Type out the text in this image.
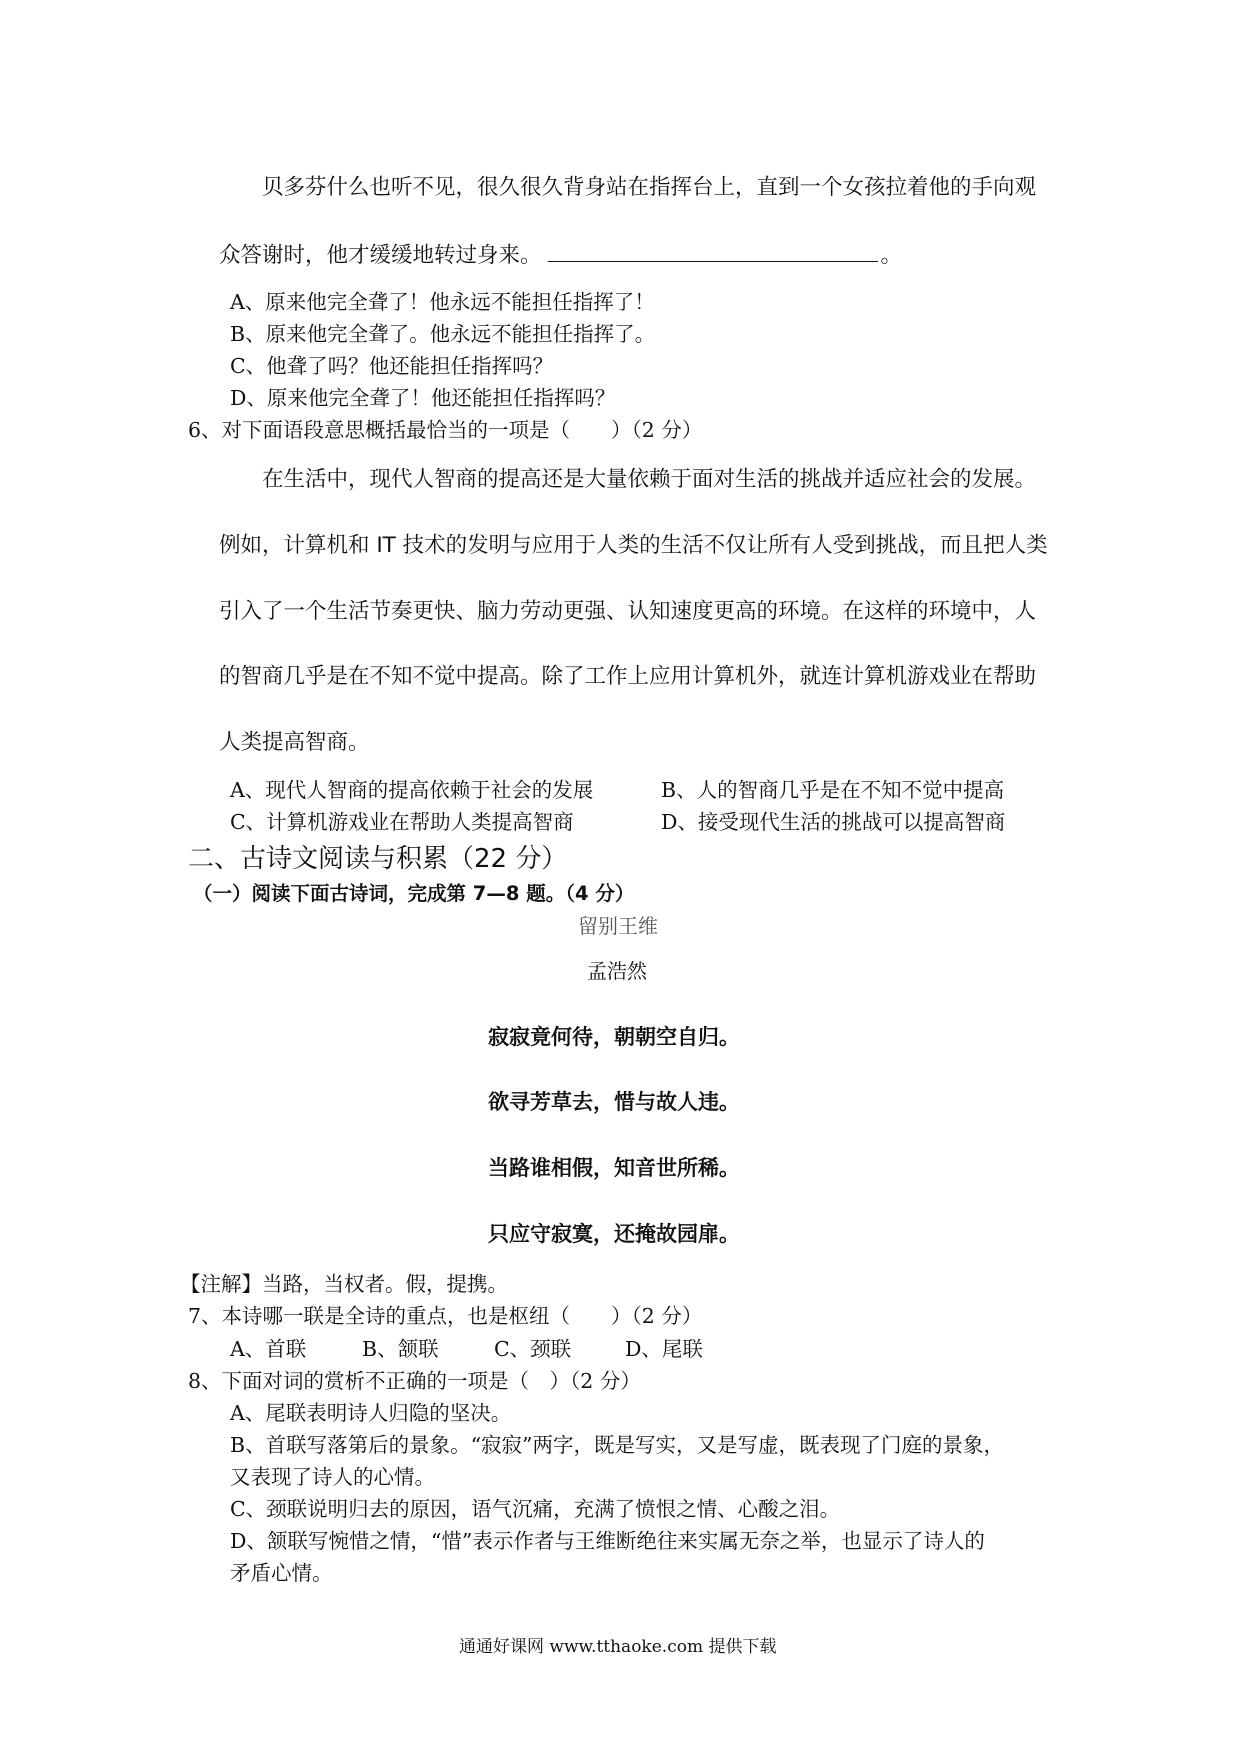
贝多芬什么也听不见，很久很久背身站在指挥台上，直到一个女孩拉着他的手向观
众答谢时，他才缓缓地转过身来。	。
A、原来他完全聋了！他永远不能担任指挥了！
B、原来他完全聋了。他永远不能担任指挥了。
C、他聋了吗？他还能担任指挥吗？
D、原来他完全聋了！他还能担任指挥吗？
6、对下面语段意思概括最恰当的一项是（　　）（2 分）
在生活中，现代人智商的提高还是大量依赖于面对生活的挑战并适应社会的发展。
例如，计算机和 IT 技术的发明与应用于人类的生活不仅让所有人受到挑战，而且把人类
引入了一个生活节奏更快、脑力劳动更强、认知速度更高的环境。在这样的环境中，人
的智商几乎是在不知不觉中提高。除了工作上应用计算机外，就连计算机游戏业在帮助
人类提高智商。
A、现代人智商的提高依赖于社会的发展	B、人的智商几乎是在不知不觉中提高
C、计算机游戏业在帮助人类提高智商	D、接受现代生活的挑战可以提高智商
二、古诗文阅读与积累（22 分）
（一）阅读下面古诗词，完成第 7—8 题。（4 分）
留别王维
孟浩然
寂寂竟何待，朝朝空自归。
欲寻芳草去，惜与故人违。
当路谁相假，知音世所稀。
只应守寂寞，还掩故园扉。
【注解】当路，当权者。假，提携。
7、本诗哪一联是全诗的重点，也是枢纽（　　）（2 分）
A、首联	B、颔联	C、颈联	D、尾联
8、下面对词的赏析不正确的一项是（　）（2 分）
A、尾联表明诗人归隐的坚决。
B、首联写落第后的景象。“寂寂”两字，既是写实，又是写虚，既表现了门庭的景象，
又表现了诗人的心情。
C、颈联说明归去的原因，语气沉痛，充满了愤恨之情、心酸之泪。
D、颔联写惋惜之情，“惜”表示作者与王维断绝往来实属无奈之举，也显示了诗人的
矛盾心情。
通通好课网 www.tthaoke.com 提供下载
